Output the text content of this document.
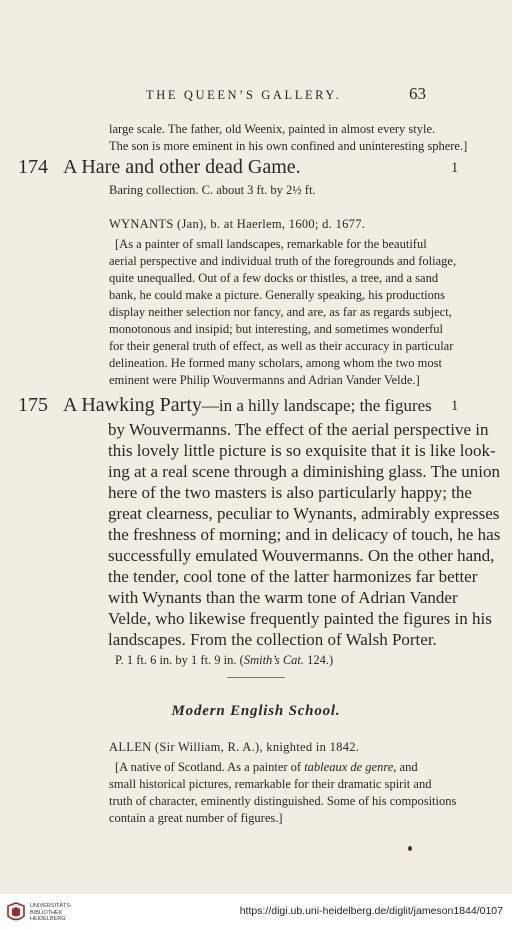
THE QUEEN’S GALLERY.	63
large scale. The father, old Weenix, painted in almost every style.
The son is more eminent in his own confined and uninteresting sphere.]
174 A Hare and other dead Game.	1
Baring collection. C. about 3 ft. by 2½ ft.
WYNANTS (Jan), b. at Haerlem, 1600; d. 1677.
[As a painter of small landscapes, remarkable for the beautiful
aerial perspective and individual truth of the foregrounds and foliage,
quite unequalled. Out of a few docks or thistles, a tree, and a sand
bank, he could make a picture. Generally speaking, his productions
display neither selection nor fancy, and are, as far as regards subject,
monotonous and insipid; but interesting, and sometimes wonderful
for their general truth of effect, as well as their accuracy in particular
delineation. He formed many scholars, among whom the two most
eminent were Philip Wouvermanns and Adrian Vander Velde.]
175 A Hawking Party—in a hilly landscape; the figures 1
by Wouvermanns. The effect of the aerial perspective in
this lovely little picture is so exquisite that it is like look-
ing at a real scene through a diminishing glass. The union
here of the two masters is also particularly happy; the
great clearness, peculiar to Wynants, admirably expresses
the freshness of morning; and in delicacy of touch, he has
successfully emulated Wouvermanns. On the other hand,
the tender, cool tone of the latter harmonizes far better
with Wynants than the warm tone of Adrian Vander
Velde, who likewise frequently painted the figures in his
landscapes. From the collection of Walsh Porter.
P. 1 ft. 6 in. by 1 ft. 9 in. (Smith’s Cat. 124.)
Modern English School.
ALLEN (Sir William, R. A.), knighted in 1842.
[A native of Scotland. As a painter of tableaux de genre, and
small historical pictures, remarkable for their dramatic spirit and
truth of character, eminently distinguished. Some of his compositions
contain a great number of figures.]
UNIVERSITÄTS-
BIBLIOTHEK
HEIDELBERG
https://digi.ub.uni-heidelberg.de/diglit/jameson1844/0107
